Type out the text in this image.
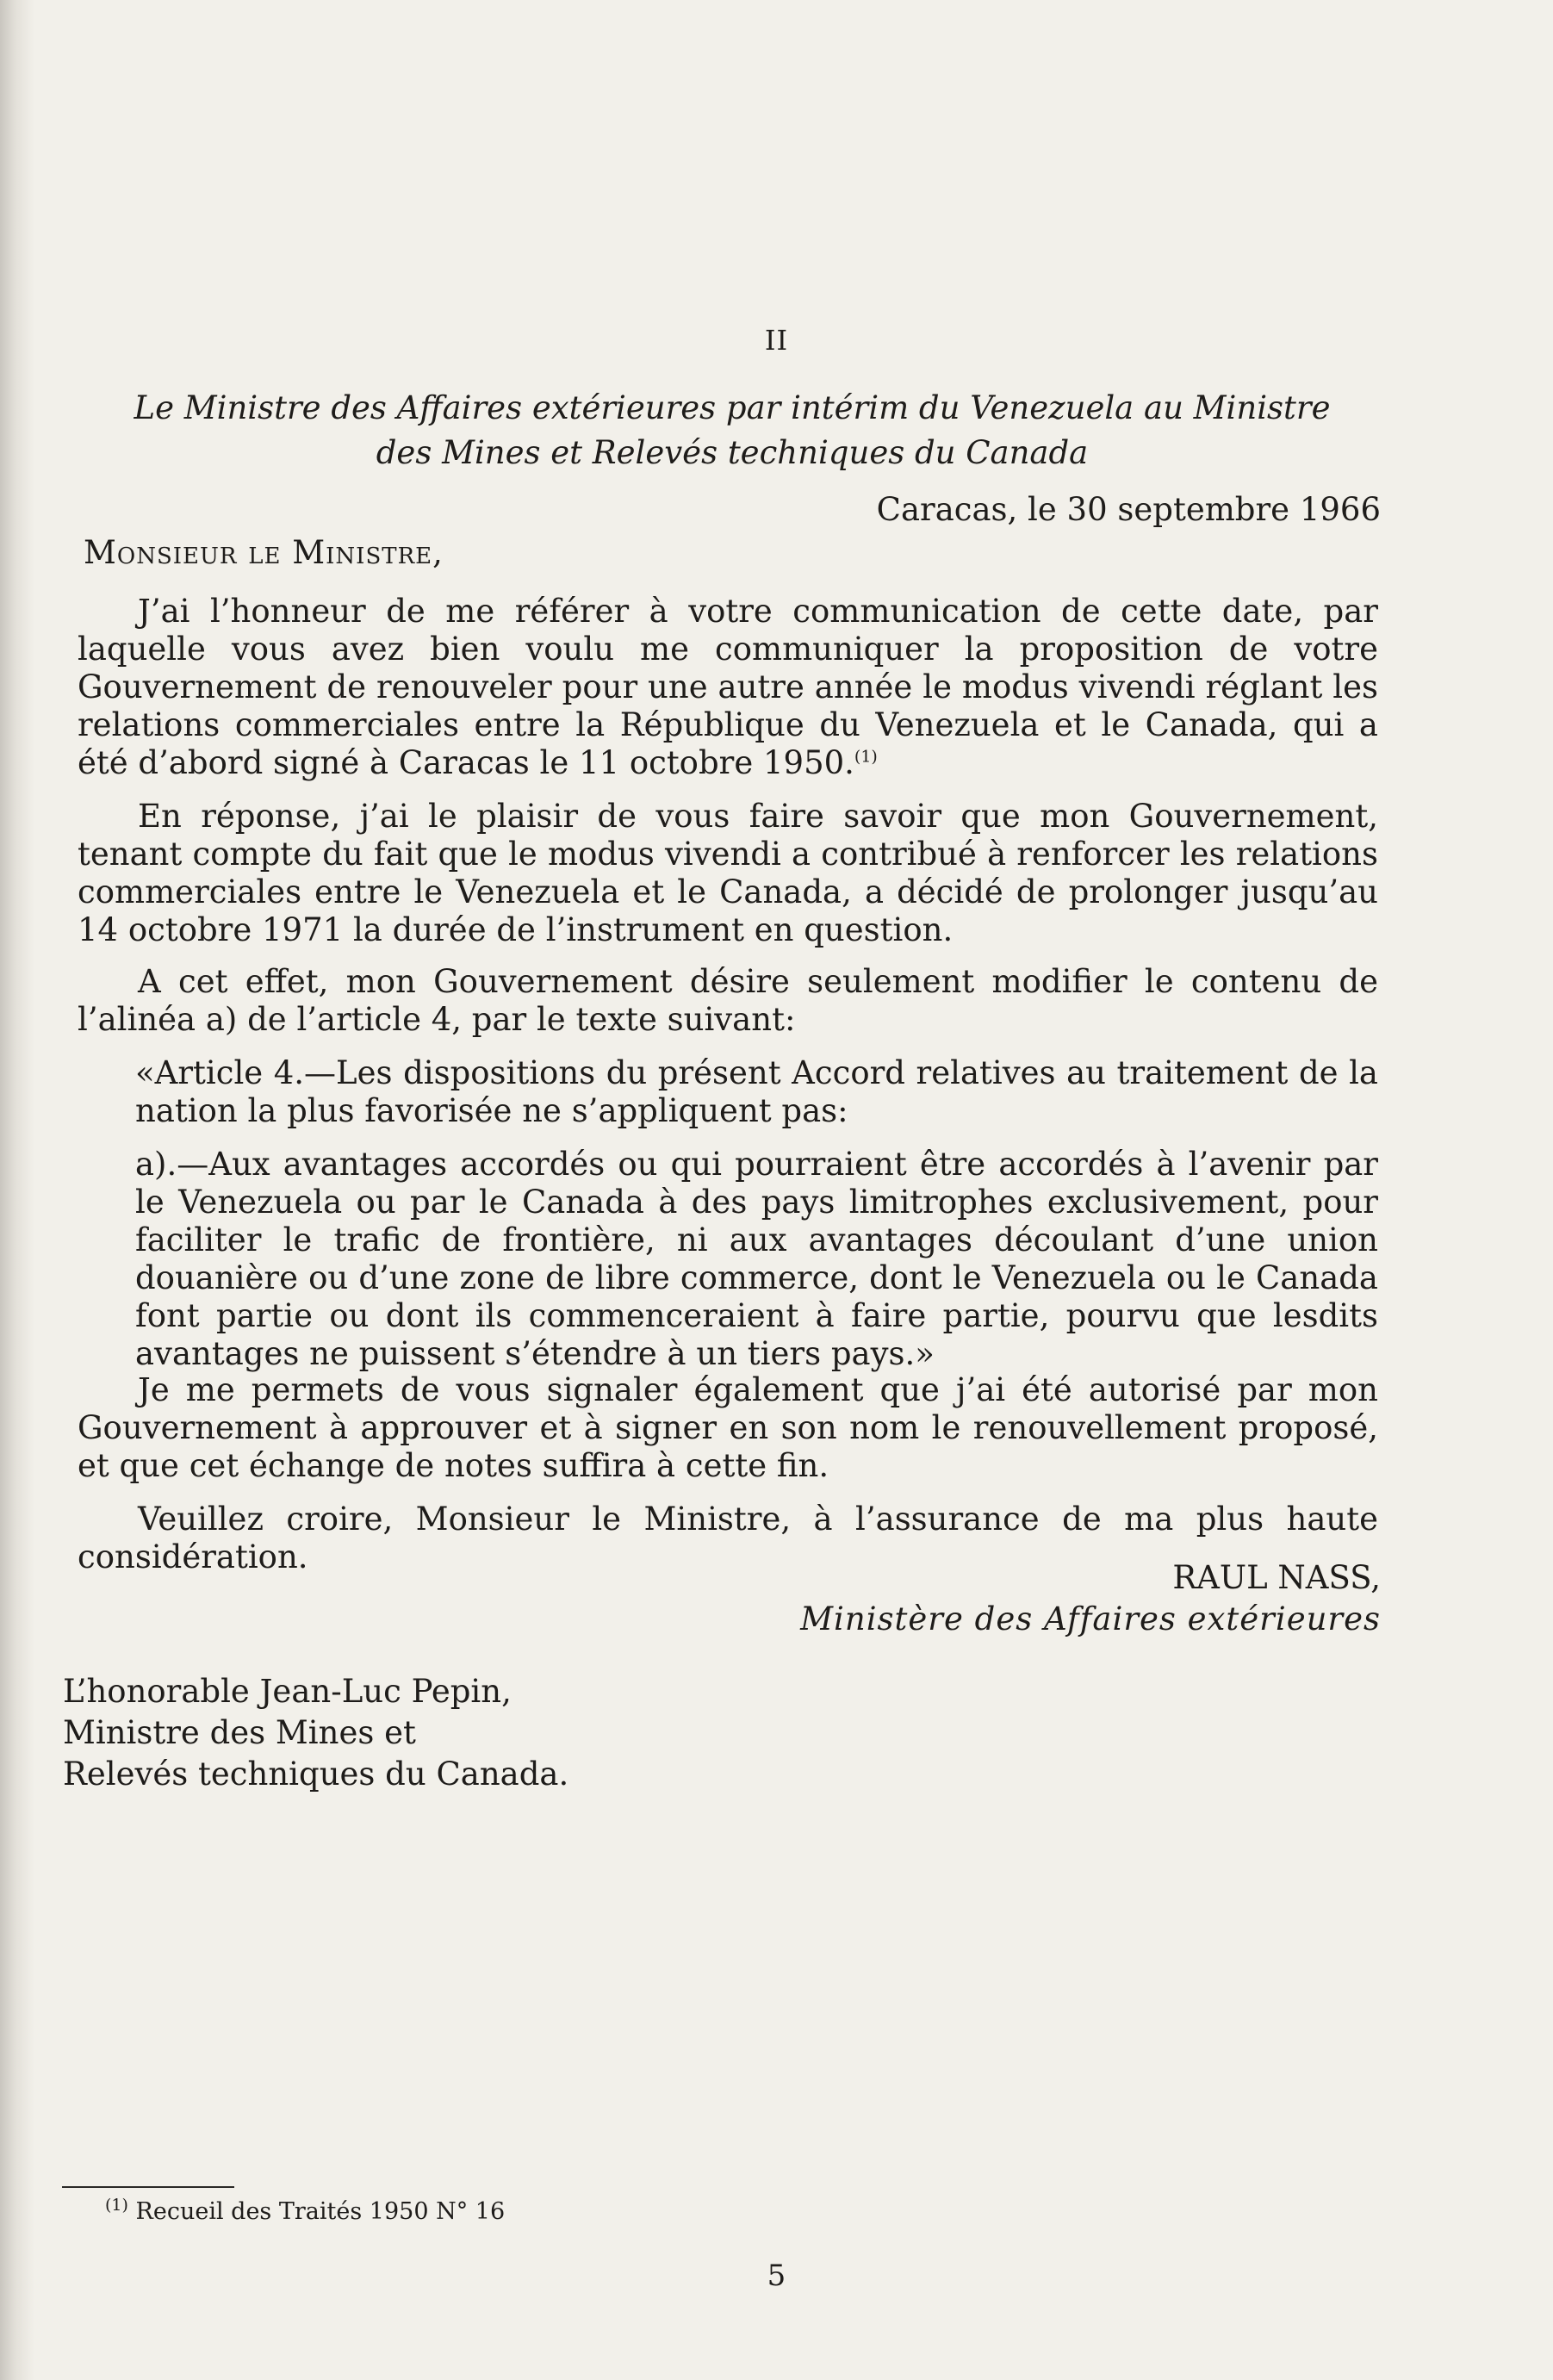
II
Le Ministre des Affaires extérieures par intérim du Venezuela au Ministre
des Mines et Relevés techniques du Canada
Caracas, le 30 septembre 1966
Monsieur le Ministre,

J’ai l’honneur de me référer à votre communication de cette date, par laquelle vous avez bien voulu me communiquer la proposition de votre Gouvernement de renouveler pour une autre année le modus vivendi réglant les relations commerciales entre la République du Venezuela et le Canada, qui a été d’abord signé à Caracas le 11 octobre 1950.$^{(1)}$

En réponse, j’ai le plaisir de vous faire savoir que mon Gouvernement, tenant compte du fait que le modus vivendi a contribué à renforcer les relations commerciales entre le Venezuela et le Canada, a décidé de prolonger jusqu’au 14 octobre 1971 la durée de l’instrument en question.

A cet effet, mon Gouvernement désire seulement modifier le contenu de l’alinéa a) de l’article 4, par le texte suivant:

«Article 4.—Les dispositions du présent Accord relatives au traitement de la nation la plus favorisée ne s’appliquent pas:

a).—Aux avantages accordés ou qui pourraient être accordés à l’avenir par le Venezuela ou par le Canada à des pays limitrophes exclusivement, pour faciliter le trafic de frontière, ni aux avantages découlant d’une union douanière ou d’une zone de libre commerce, dont le Venezuela ou le Canada font partie ou dont ils commenceraient à faire partie, pourvu que lesdits avantages ne puissent s’étendre à un tiers pays.»

Je me permets de vous signaler également que j’ai été autorisé par mon Gouvernement à approuver et à signer en son nom le renouvellement proposé, et que cet échange de notes suffira à cette fin.

Veuillez croire, Monsieur le Ministre, à l’assurance de ma plus haute considération.

RAUL NASS,
Ministère des Affaires extérieures
L’honorable Jean-Luc Pepin,
Ministre des Mines et
Relevés techniques du Canada.
$^{(1)}$ Recueil des Traités 1950 N° 16
5
